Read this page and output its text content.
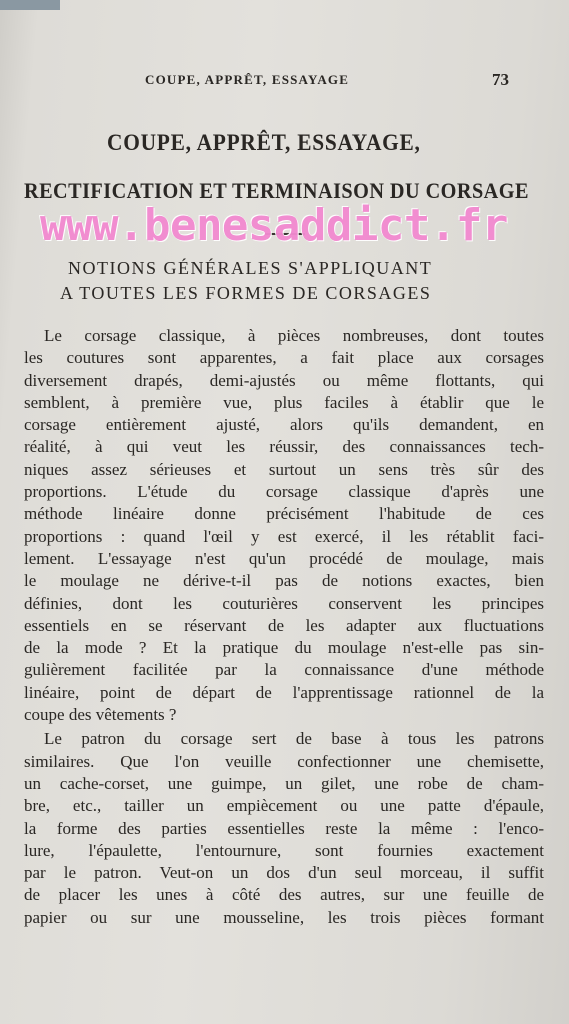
COUPE, APPRÊT, ESSAYAGE	73
COUPE, APPRÊT, ESSAYAGE,
RECTIFICATION ET TERMINAISON DU CORSAGE
www.benesaddict.fr
NOTIONS GÉNÉRALES S'APPLIQUANT
A TOUTES LES FORMES DE CORSAGES
Le corsage classique, à pièces nombreuses, dont toutes
les coutures sont apparentes, a fait place aux corsages
diversement drapés, demi-ajustés ou même flottants, qui
semblent, à première vue, plus faciles à établir que le
corsage entièrement ajusté, alors qu'ils demandent, en
réalité, à qui veut les réussir, des connaissances tech-
niques assez sérieuses et surtout un sens très sûr des
proportions. L'étude du corsage classique d'après une
méthode linéaire donne précisément l'habitude de ces
proportions : quand l'œil y est exercé, il les rétablit faci-
lement. L'essayage n'est qu'un procédé de moulage, mais
le moulage ne dérive-t-il pas de notions exactes, bien
définies, dont les couturières conservent les principes
essentiels en se réservant de les adapter aux fluctuations
de la mode ? Et la pratique du moulage n'est-elle pas sin-
gulièrement facilitée par la connaissance d'une méthode
linéaire, point de départ de l'apprentissage rationnel de la
coupe des vêtements ?
Le patron du corsage sert de base à tous les patrons
similaires. Que l'on veuille confectionner une chemisette,
un cache-corset, une guimpe, un gilet, une robe de cham-
bre, etc., tailler un empiècement ou une patte d'épaule,
la forme des parties essentielles reste la même : l'enco-
lure, l'épaulette, l'entournure, sont fournies exactement
par le patron. Veut-on un dos d'un seul morceau, il suffit
de placer les unes à côté des autres, sur une feuille de
papier ou sur une mousseline, les trois pièces formant
